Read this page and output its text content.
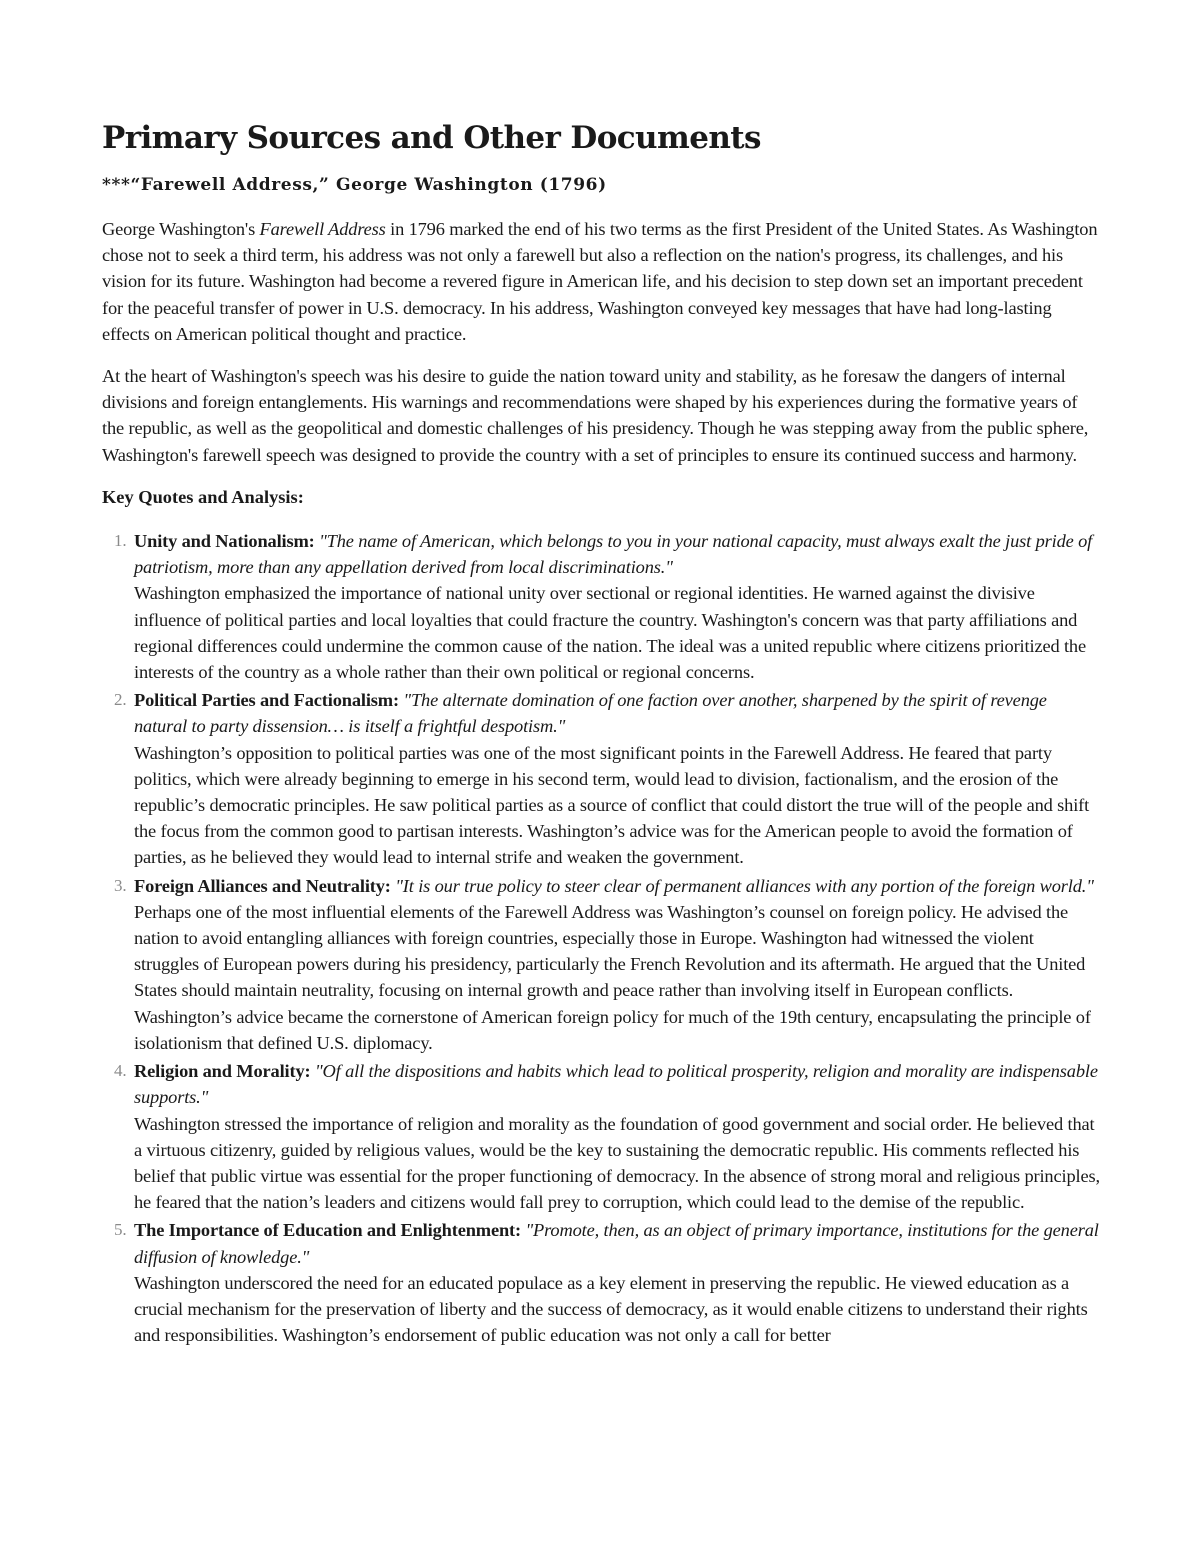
Primary Sources and Other Documents
***“Farewell Address,” George Washington (1796)

George Washington's Farewell Address in 1796 marked the end of his two terms as the first President of the United States. As Washington chose not to seek a third term, his address was not only a farewell but also a reflection on the nation's progress, its challenges, and his vision for its future. Washington had become a revered figure in American life, and his decision to step down set an important precedent for the peaceful transfer of power in U.S. democracy. In his address, Washington conveyed key messages that have had long-lasting effects on American political thought and practice.

At the heart of Washington's speech was his desire to guide the nation toward unity and stability, as he foresaw the dangers of internal divisions and foreign entanglements. His warnings and recommendations were shaped by his experiences during the formative years of the republic, as well as the geopolitical and domestic challenges of his presidency. Though he was stepping away from the public sphere, Washington's farewell speech was designed to provide the country with a set of principles to ensure its continued success and harmony.

Key Quotes and Analysis:
1. Unity and Nationalism: "The name of American, which belongs to you in your national capacity, must always exalt the just pride of patriotism, more than any appellation derived from local discriminations."
Washington emphasized the importance of national unity over sectional or regional identities. He warned against the divisive influence of political parties and local loyalties that could fracture the country. Washington's concern was that party affiliations and regional differences could undermine the common cause of the nation. The ideal was a united republic where citizens prioritized the interests of the country as a whole rather than their own political or regional concerns.
2. Political Parties and Factionalism: "The alternate domination of one faction over another, sharpened by the spirit of revenge natural to party dissension… is itself a frightful despotism."
Washington’s opposition to political parties was one of the most significant points in the Farewell Address. He feared that party politics, which were already beginning to emerge in his second term, would lead to division, factionalism, and the erosion of the republic’s democratic principles. He saw political parties as a source of conflict that could distort the true will of the people and shift the focus from the common good to partisan interests. Washington’s advice was for the American people to avoid the formation of parties, as he believed they would lead to internal strife and weaken the government.
3. Foreign Alliances and Neutrality: "It is our true policy to steer clear of permanent alliances with any portion of the foreign world."
Perhaps one of the most influential elements of the Farewell Address was Washington’s counsel on foreign policy. He advised the nation to avoid entangling alliances with foreign countries, especially those in Europe. Washington had witnessed the violent struggles of European powers during his presidency, particularly the French Revolution and its aftermath. He argued that the United States should maintain neutrality, focusing on internal growth and peace rather than involving itself in European conflicts. Washington’s advice became the cornerstone of American foreign policy for much of the 19th century, encapsulating the principle of isolationism that defined U.S. diplomacy.
4. Religion and Morality: "Of all the dispositions and habits which lead to political prosperity, religion and morality are indispensable supports."
Washington stressed the importance of religion and morality as the foundation of good government and social order. He believed that a virtuous citizenry, guided by religious values, would be the key to sustaining the democratic republic. His comments reflected his belief that public virtue was essential for the proper functioning of democracy. In the absence of strong moral and religious principles, he feared that the nation’s leaders and citizens would fall prey to corruption, which could lead to the demise of the republic.
5. The Importance of Education and Enlightenment: "Promote, then, as an object of primary importance, institutions for the general diffusion of knowledge."
Washington underscored the need for an educated populace as a key element in preserving the republic. He viewed education as a crucial mechanism for the preservation of liberty and the success of democracy, as it would enable citizens to understand their rights and responsibilities. Washington’s endorsement of public education was not only a call for better
